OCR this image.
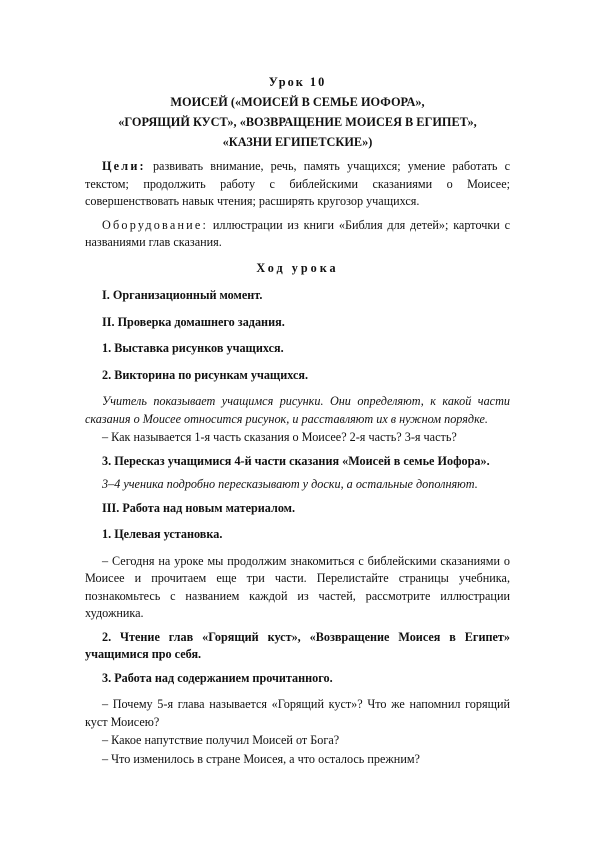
Урок 10
МОИСЕЙ («МОИСЕЙ В СЕМЬЕ ИОФОРА»,
«ГОРЯЩИЙ КУСТ», «ВОЗВРАЩЕНИЕ МОИСЕЯ В ЕГИПЕТ»,
«КАЗНИ ЕГИПЕТСКИЕ»)

Цели: развивать внимание, речь, память учащихся; умение работать с текстом; продолжить работу с библейскими сказаниями о Моисее; совершенствовать навык чтения; расширять кругозор учащихся.

Оборудование: иллюстрации из книги «Библия для детей»; карточки с названиями глав сказания.

Ход урока

I. Организационный момент.

II. Проверка домашнего задания.

1. Выставка рисунков учащихся.

2. Викторина по рисункам учащихся.

Учитель показывает учащимся рисунки. Они определяют, к какой части сказания о Моисее относится рисунок, и расставляют их в нужном порядке.

– Как называется 1-я часть сказания о Моисее? 2-я часть? 3-я часть?

3. Пересказ учащимися 4-й части сказания «Моисей в семье Иофора».

3–4 ученика подробно пересказывают у доски, а остальные дополняют.

III. Работа над новым материалом.

1. Целевая установка.

– Сегодня на уроке мы продолжим знакомиться с библейскими сказаниями о Моисее и прочитаем еще три части. Перелистайте страницы учебника, познакомьтесь с названием каждой из частей, рассмотрите иллюстрации художника.

2. Чтение глав «Горящий куст», «Возвращение Моисея в Египет» учащимися про себя.

3. Работа над содержанием прочитанного.

– Почему 5-я глава называется «Горящий куст»? Что же напомнил горящий куст Моисею?

– Какое напутствие получил Моисей от Бога?

– Что изменилось в стране Моисея, а что осталось прежним?
